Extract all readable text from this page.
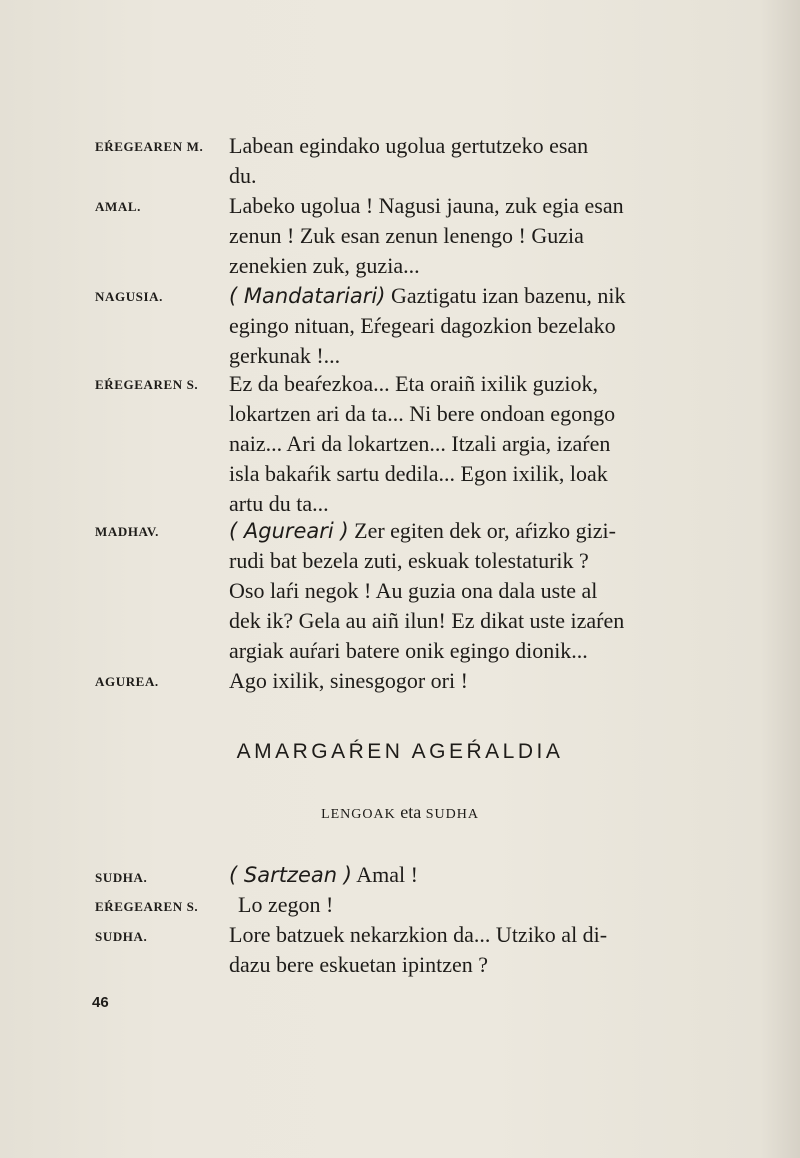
EŔEGEAREN M. Labean egindako ugolua gertutzeko esan
du.
AMAL.	Labeko ugolua ! Nagusi jauna, zuk egia esan
zenun ! Zuk esan zenun lenengo ! Guzia
zenekien zuk, guzia...
NAGUSIA.	( Mandatariari) Gaztigatu izan bazenu, nik
egingo nituan, Eŕegeari dagozkion bezelako
gerkunak !...
EŔEGEAREN S. Ez da beaŕezkoa... Eta oraiñ ixilik guziok,
lokartzen ari da ta... Ni bere ondoan egongo
naiz... Ari da lokartzen... Itzali argia, izaŕen
isla bakaŕik sartu dedila... Egon ixilik, loak
artu du ta...
MADHAV.	( Agureari ) Zer egiten dek or, aŕizko gizi-
rudi bat bezela zuti, eskuak tolestaturik ?
Oso laŕi negok ! Au guzia ona dala uste al
dek ik? Gela au aiñ ilun! Ez dikat uste izaŕen
argiak auŕari batere onik egingo dionik...
AGUREA.	Ago ixilik, sinesgogor ori !
AMARGAŔEN AGEŔALDIA
LENGOAK eta SUDHA
SUDHA.	( Sartzean ) Amal !
EŔEGEAREN S. Lo zegon !
SUDHA.	Lore batzuek nekarzkion da... Utziko al di-
dazu bere eskuetan ipintzen ?
46
